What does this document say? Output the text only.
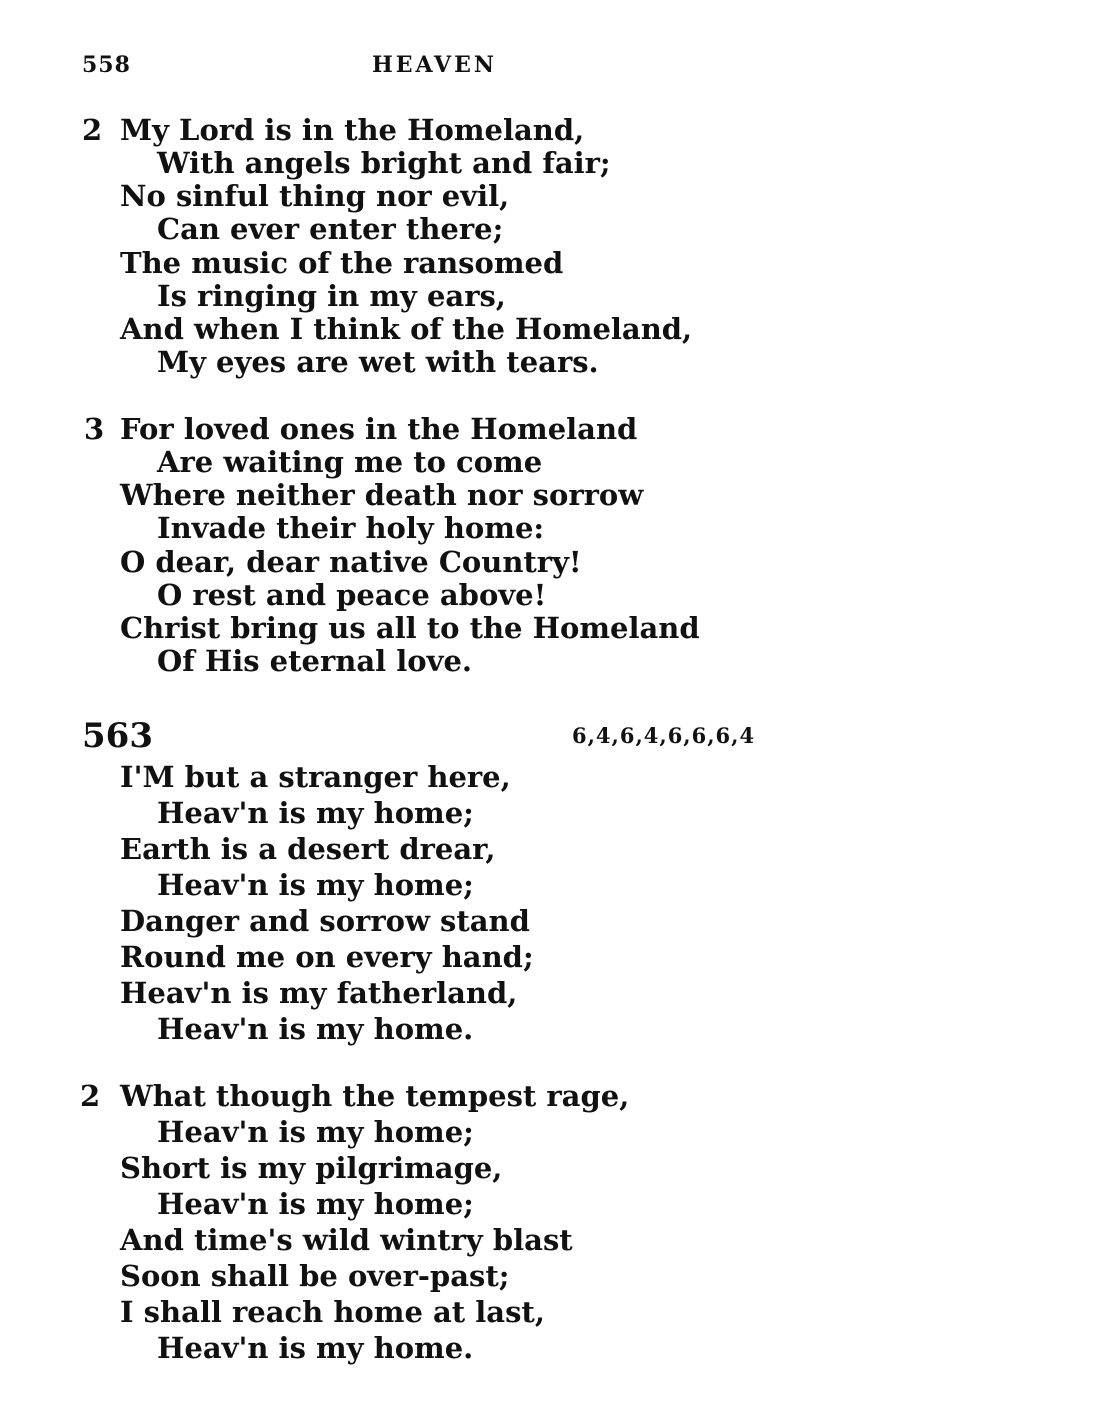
558	HEAVEN
2 My Lord is in the Homeland,
With angels bright and fair;
No sinful thing nor evil,
Can ever enter there;
The music of the ransomed
Is ringing in my ears,
And when I think of the Homeland,
My eyes are wet with tears.
3 For loved ones in the Homeland
Are waiting me to come
Where neither death nor sorrow
Invade their holy home:
O dear, dear native Country!
O rest and peace above!
Christ bring us all to the Homeland
Of His eternal love.
563	6,4,6,4,6,6,6,4
I'M but a stranger here,
Heav'n is my home;
Earth is a desert drear,
Heav'n is my home;
Danger and sorrow stand
Round me on every hand;
Heav'n is my fatherland,
Heav'n is my home.
2 What though the tempest rage,
Heav'n is my home;
Short is my pilgrimage,
Heav'n is my home;
And time's wild wintry blast
Soon shall be over-past;
I shall reach home at last,
Heav'n is my home.
